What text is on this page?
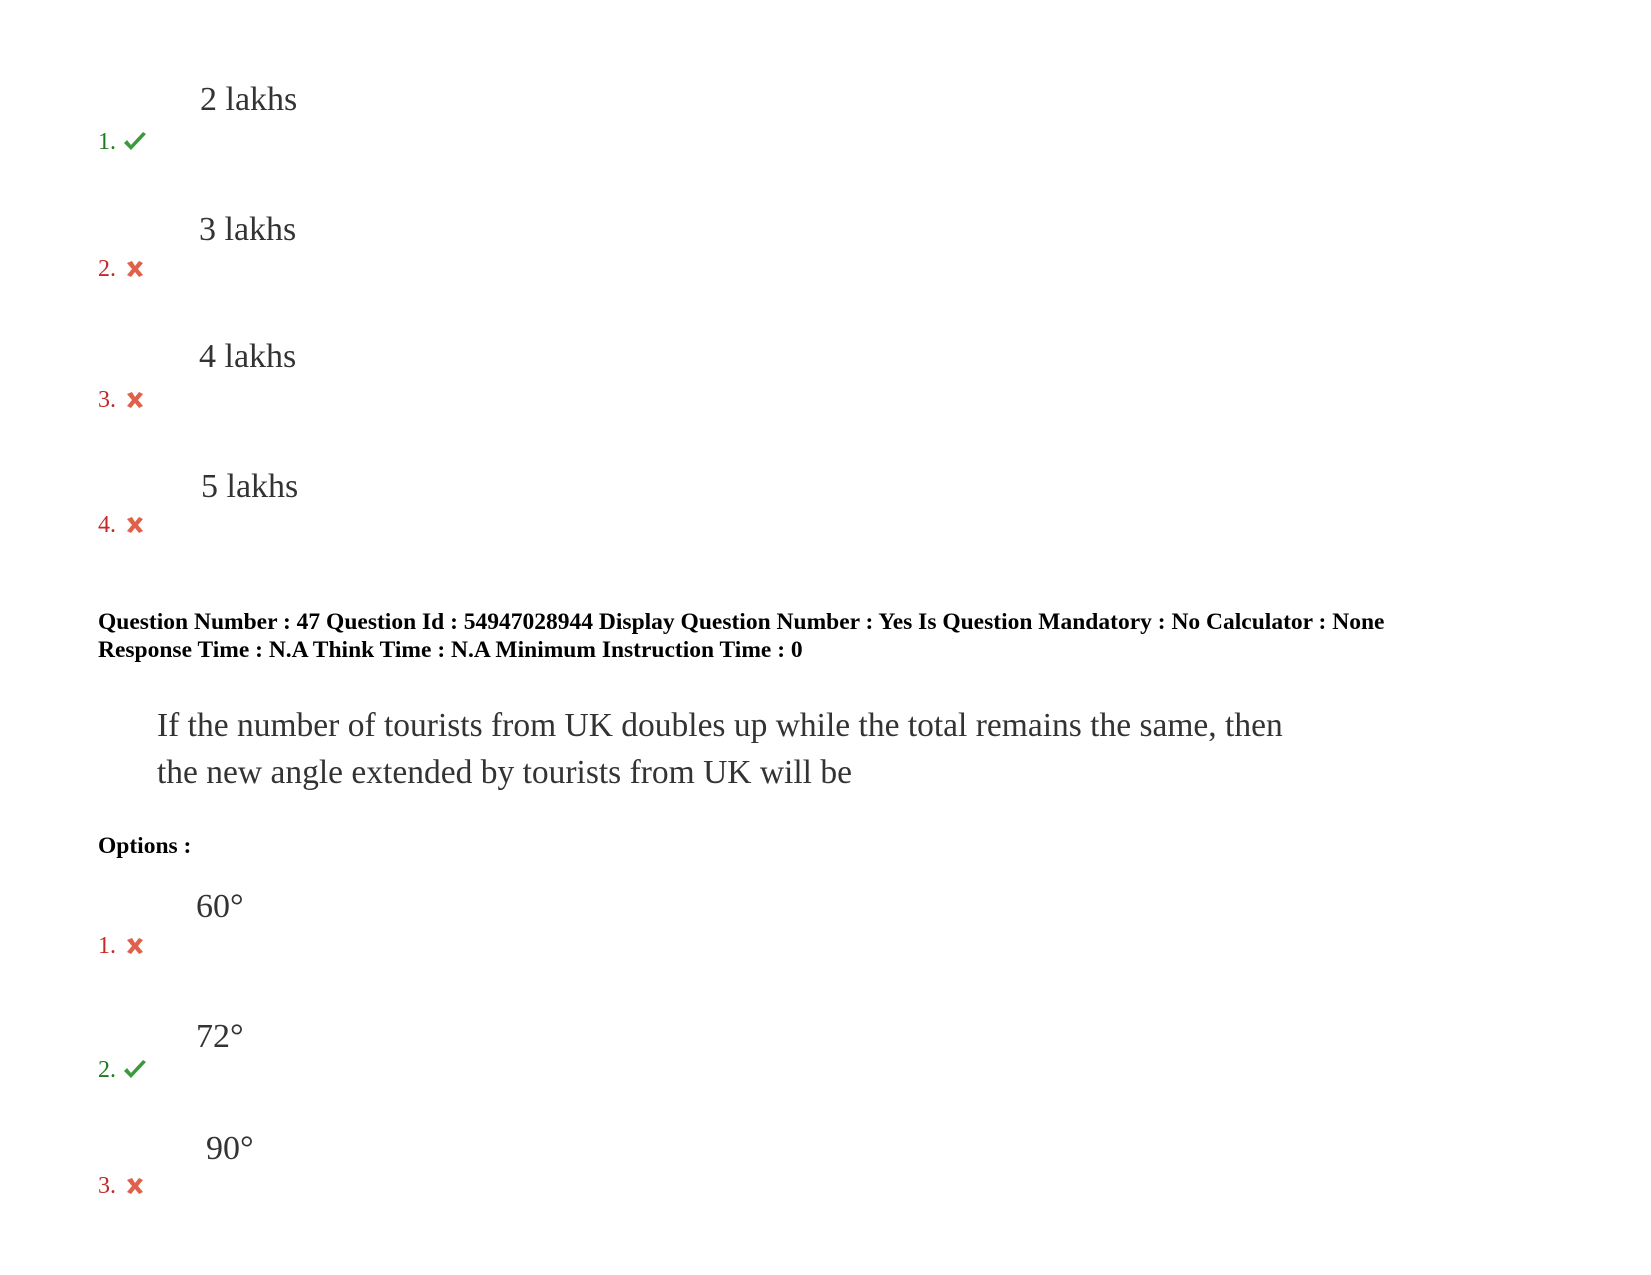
2 lakhs
1.
3 lakhs
2.
4 lakhs
3.
5 lakhs
4.
Question Number : 47 Question Id : 54947028944 Display Question Number : Yes Is Question Mandatory : No Calculator : None
Response Time : N.A Think Time : N.A Minimum Instruction Time : 0
If the number of tourists from UK doubles up while the total remains the same, then
the new angle extended by tourists from UK will be
Options :
60°
1.
72°
2.
90°
3.
